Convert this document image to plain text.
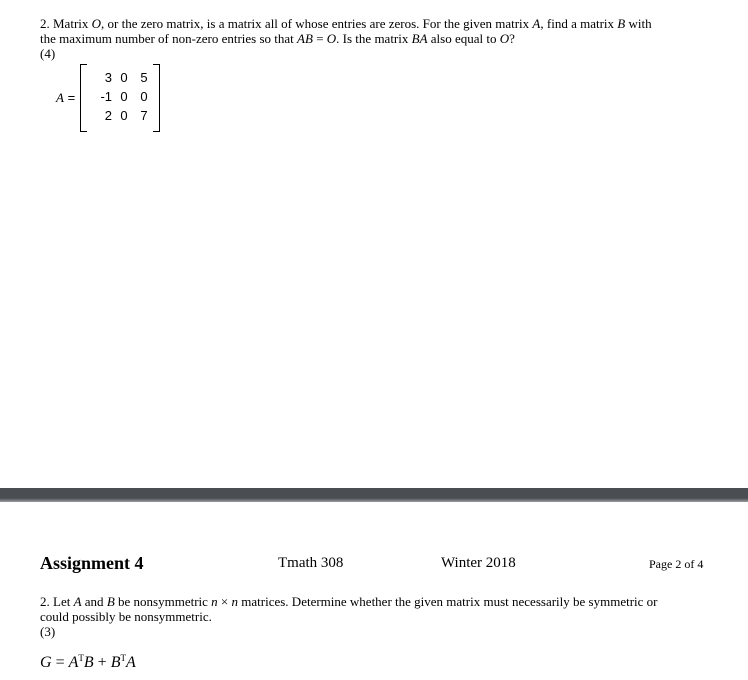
2. Matrix O, or the zero matrix, is a matrix all of whose entries are zeros. For the given matrix A, find a matrix B with
the maximum number of non-zero entries so that AB = O. Is the matrix BA also equal to O?
(4)
A =
3 0 5
-1 0 0
2 0 7
Assignment 4	Tmath 308	Winter 2018	Page 2 of 4
2. Let A and B be nonsymmetric n × n matrices. Determine whether the given matrix must necessarily be symmetric or
could possibly be nonsymmetric.
(3)
$G = A^TB + B^TA$
